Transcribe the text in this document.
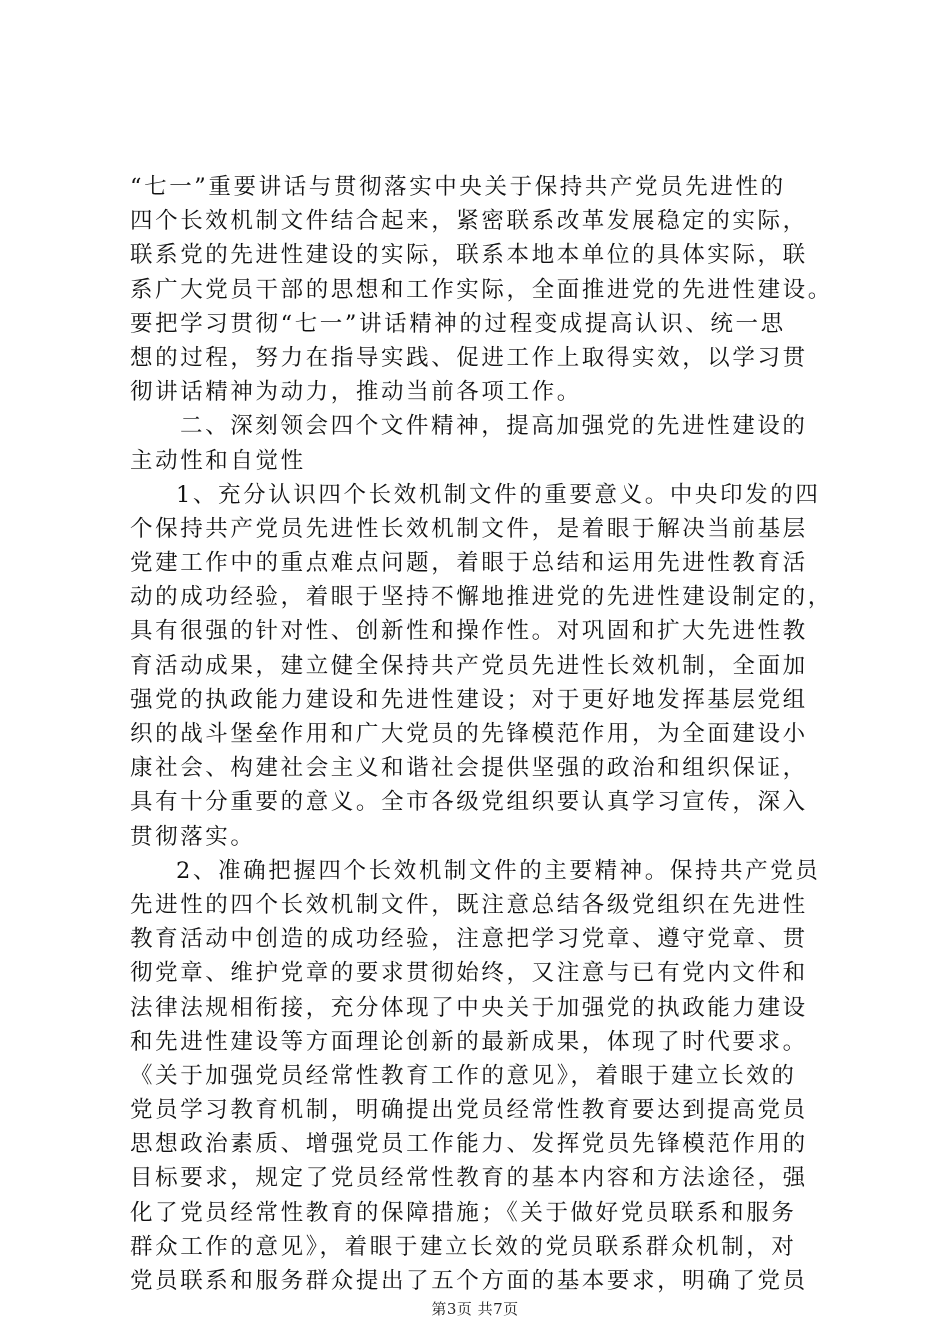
“七一”重要讲话与贯彻落实中央关于保持共产党员先进性的
四个长效机制文件结合起来，紧密联系改革发展稳定的实际，
联系党的先进性建设的实际，联系本地本单位的具体实际，联
系广大党员干部的思想和工作实际，全面推进党的先进性建设。
要把学习贯彻“七一”讲话精神的过程变成提高认识、统一思
想的过程，努力在指导实践、促进工作上取得实效，以学习贯
彻讲话精神为动力，推动当前各项工作。
二、深刻领会四个文件精神，提高加强党的先进性建设的
主动性和自觉性
1、充分认识四个长效机制文件的重要意义。中央印发的四
个保持共产党员先进性长效机制文件，是着眼于解决当前基层
党建工作中的重点难点问题，着眼于总结和运用先进性教育活
动的成功经验，着眼于坚持不懈地推进党的先进性建设制定的，
具有很强的针对性、创新性和操作性。对巩固和扩大先进性教
育活动成果，建立健全保持共产党员先进性长效机制，全面加
强党的执政能力建设和先进性建设；对于更好地发挥基层党组
织的战斗堡垒作用和广大党员的先锋模范作用，为全面建设小
康社会、构建社会主义和谐社会提供坚强的政治和组织保证，
具有十分重要的意义。全市各级党组织要认真学习宣传，深入
贯彻落实。
2、准确把握四个长效机制文件的主要精神。保持共产党员
先进性的四个长效机制文件，既注意总结各级党组织在先进性
教育活动中创造的成功经验，注意把学习党章、遵守党章、贯
彻党章、维护党章的要求贯彻始终，又注意与已有党内文件和
法律法规相衔接，充分体现了中央关于加强党的执政能力建设
和先进性建设等方面理论创新的最新成果，体现了时代要求。
《关于加强党员经常性教育工作的意见》，着眼于建立长效的
党员学习教育机制，明确提出党员经常性教育要达到提高党员
思想政治素质、增强党员工作能力、发挥党员先锋模范作用的
目标要求，规定了党员经常性教育的基本内容和方法途径，强
化了党员经常性教育的保障措施；《关于做好党员联系和服务
群众工作的意见》，着眼于建立长效的党员联系群众机制，对
党员联系和服务群众提出了五个方面的基本要求，明确了党员
第3页 共7页
